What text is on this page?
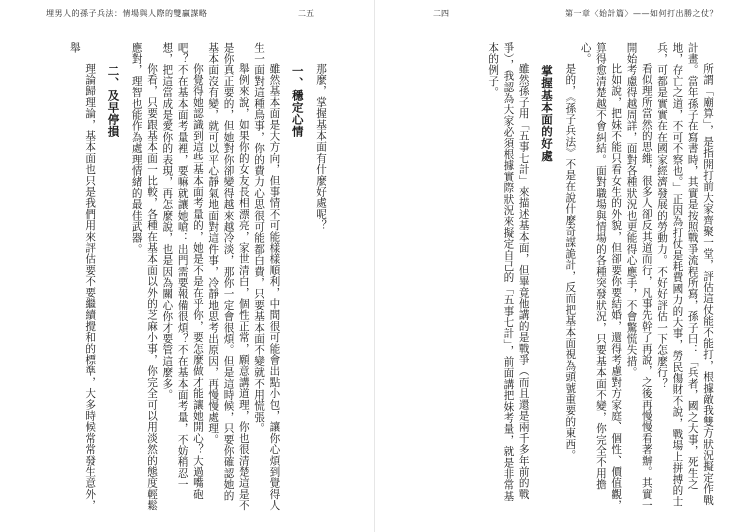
埋男人的孫子兵法：情場與人際的雙贏謀略	二五

那麼，掌握基本面有什麼好處呢？

一、穩定心情

雖然基本面是大方向，但事情不可能樣樣順利，中間很可能會出點小包，讓你心煩到覺得人生一面對這種鳥事，你的費力心思很可能都白費，只要基本面不變就不用慌張。

舉例來說，如果你的女友長相漂亮，家世清白，個性正常，願意講道理，你也很清楚這是不是你真正要的，但她對你卻變得越來越冷淡，那你一定會很煩。但是這時候，只要你確認她的基本面沒有變，就可以平心靜氣地面對這件事，冷靜地思考出原因，再慢慢處理。

你覺得她認識到這些基本面考量的，她是不是在乎你，要怎麼做才能讓她開心？大過嘴砲吧？不在基本面考量裡，要嘛就讓她嗆：出門需要報備很煩？不在基本面考量，不妨稍忍一想，把這當成是愛你的表現，再怎麼說，也是因為關心你才要管這麼多。

你看，只要跟基本面一比較，各種在基本面以外的芝麻小事，你完全可以用淡然的態度輕鬆應對，理智也能作為處理情緒的最佳武器。

二、及早停損

理論歸理論，基本面也只是我們用來評估要不要繼續攪和的標準，大多時候常常發生意外，舉

二四	第一章〈始計篇〉——如何打出勝之仗？

所謂「廟算」，是指開打前大家齊聚一堂，評估這仗能不能打，根據敵我雙方狀況擬定作戰計畫。當年孫子在寫書時，其實是按照戰爭流程所寫，孫子曰：「兵者，國之大事，死生之地，存亡之道，不可不察也。」正因為打仗是耗費國力的大事，勞民傷財不說，戰場上拼搏的士兵，可都是實實在在國家經濟發展的勞動力。不好好評估一下怎麼行？

看似理所當然的思維，很多人卻反其道而行，凡事先幹了再說，之後再慢慢看著辦。其實一開始考慮得越周詳，面對各種狀況也更能得心應手，不會驚慌失措。

比如說，把妹不能只看女生的外貌，但卻要你要結婚，還得考慮對方家庭、個性、價值觀，算得愈清楚越不會糾結。面對職場與情場的各種突發狀況，只要基本面不變，你完全不用擔心。

是的，《孫子兵法》不是在說什麼奇謀詭計，反而把基本面視為頭號重要的東西。

掌握基本面的好處

雖然孫子用「五事七計」來描述基本面，但畢竟他講的是戰爭（而且還是兩千多年前的戰爭），我認為大家必須根據實際狀況來擬定自己的「五事七計」，前面講把妹考量，就是非常基本的例子。
